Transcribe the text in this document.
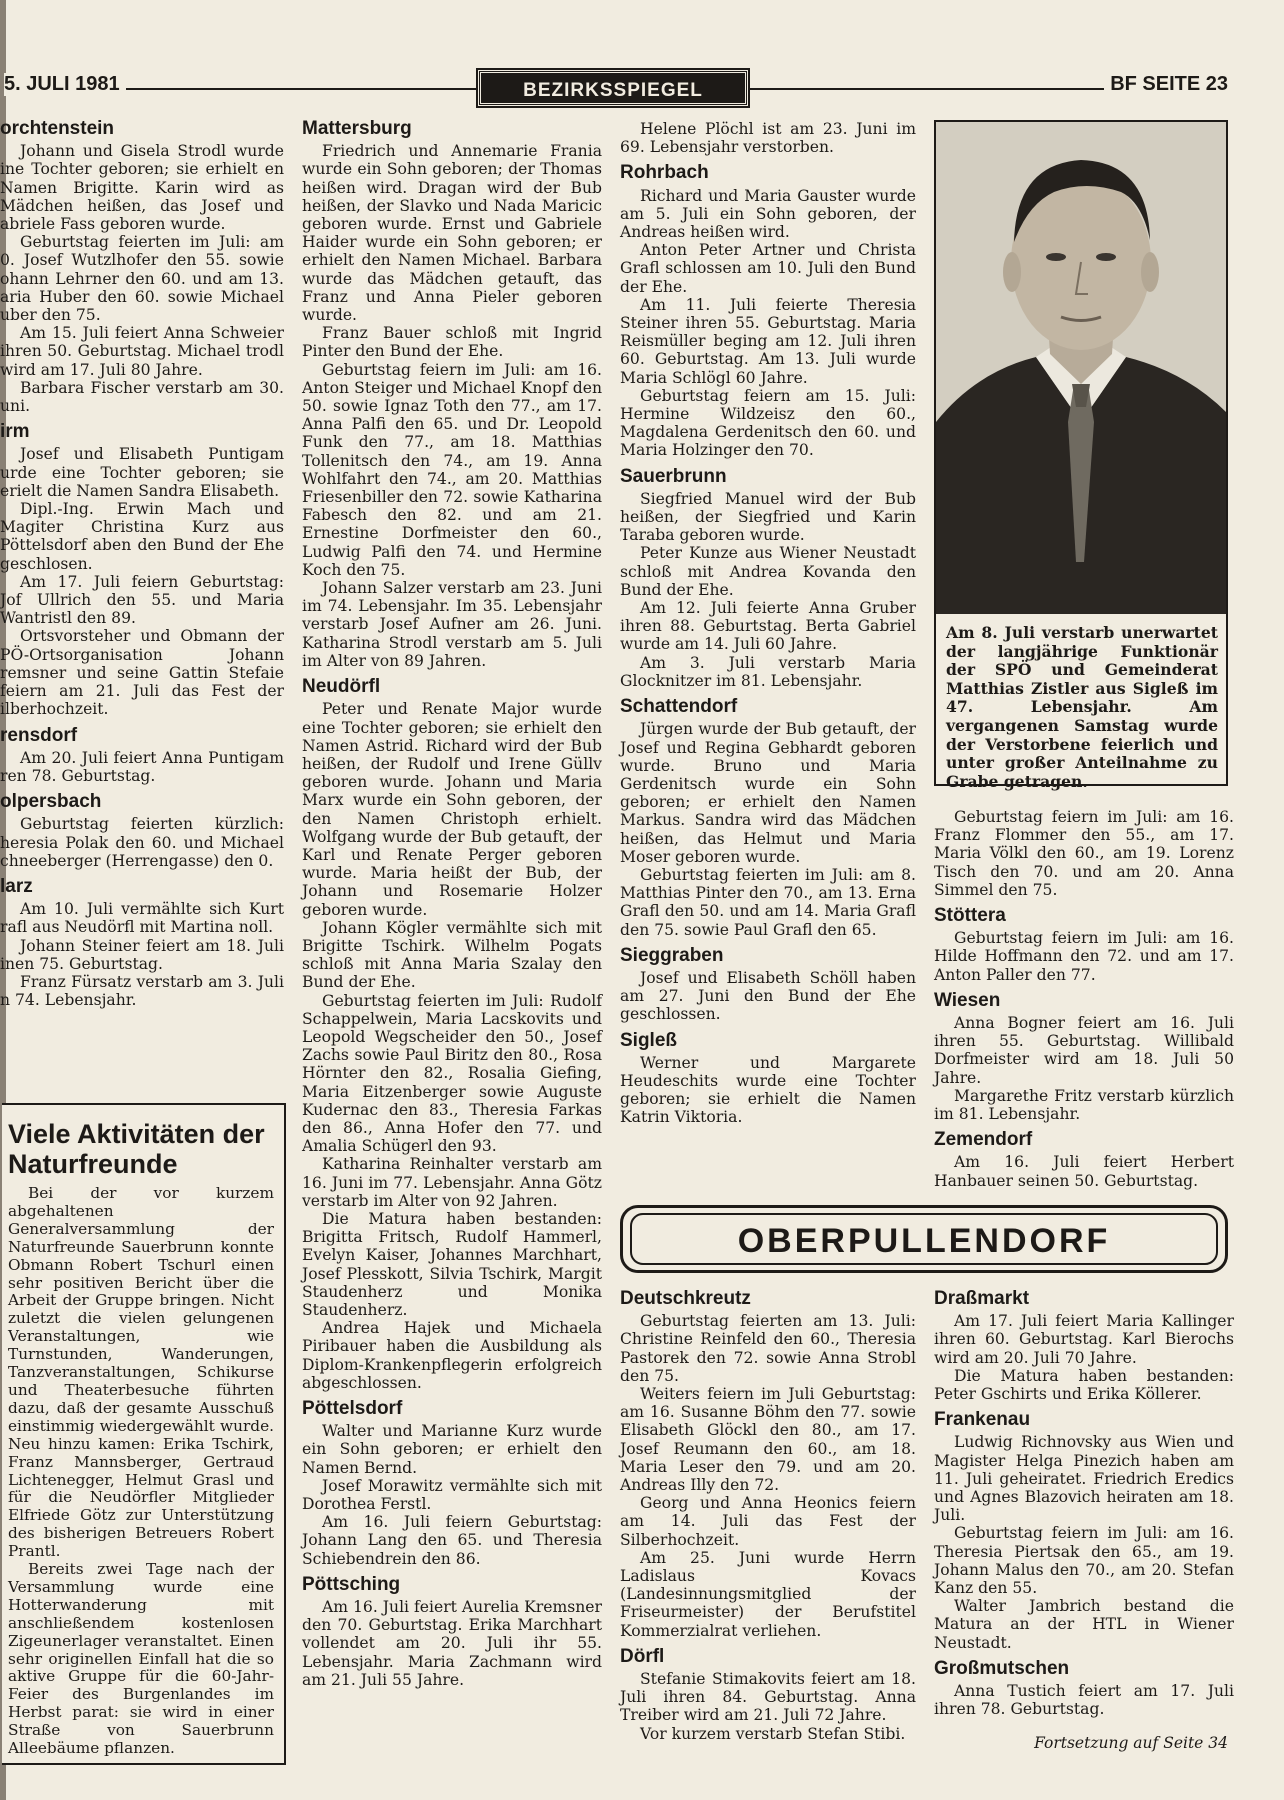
5. JULI 1981	BEZIRKSSPIEGEL	BF SEITE 23
orchtenstein

Johann und Gisela Strodl wurde ine Tochter geboren; sie erhielt en Namen Brigitte. Karin wird as Mädchen heißen, das Josef und abriele Fass geboren wurde.

Geburtstag feierten im Juli: am 0. Josef Wutzlhofer den 55. sowie ohann Lehrner den 60. und am 13. aria Huber den 60. sowie Michael uber den 75.

Am 15. Juli feiert Anna Schweier ihren 50. Geburtstag. Michael trodl wird am 17. Juli 80 Jahre.

Barbara Fischer verstarb am 30. uni.

irm

Josef und Elisabeth Puntigam urde eine Tochter geboren; sie erielt die Namen Sandra Elisabeth.

Dipl.-Ing. Erwin Mach und Magiter Christina Kurz aus Pöttelsdorf aben den Bund der Ehe geschlosen.

Am 17. Juli feiern Geburtstag: Jof Ullrich den 55. und Maria Wantristl den 89.

Ortsvorsteher und Obmann der PÖ-Ortsorganisation Johann remsner und seine Gattin Stefaie feiern am 21. Juli das Fest der ilberhochzeit.

rensdorf

Am 20. Juli feiert Anna Puntigam ren 78. Geburtstag.

olpersbach

Geburtstag feierten kürzlich: heresia Polak den 60. und Michael chneeberger (Herrengasse) den 0.

larz

Am 10. Juli vermählte sich Kurt rafl aus Neudörfl mit Martina noll.

Johann Steiner feiert am 18. Juli inen 75. Geburtstag.

Franz Fürsatz verstarb am 3. Juli n 74. Lebensjahr.

Viele Aktivitäten der Naturfreunde

Bei der vor kurzem abgehaltenen Generalversammlung der Naturfreunde Sauerbrunn konnte Obmann Robert Tschurl einen sehr positiven Bericht über die Arbeit der Gruppe bringen. Nicht zuletzt die vielen gelungenen Veranstaltungen, wie Turnstunden, Wanderungen, Tanzveranstaltungen, Schikurse und Theaterbesuche führten dazu, daß der gesamte Ausschuß einstimmig wiedergewählt wurde. Neu hinzu kamen: Erika Tschirk, Franz Mannsberger, Gertraud Lichtenegger, Helmut Grasl und für die Neudörfler Mitglieder Elfriede Götz zur Unterstützung des bisherigen Betreuers Robert Prantl.

Bereits zwei Tage nach der Versammlung wurde eine Hotterwanderung mit anschließendem kostenlosen Zigeunerlager veranstaltet. Einen sehr originellen Einfall hat die so aktive Gruppe für die 60-Jahr-Feier des Burgenlandes im Herbst parat: sie wird in einer Straße von Sauerbrunn Alleebäume pflanzen.

Mattersburg

Friedrich und Annemarie Frania wurde ein Sohn geboren; der Thomas heißen wird. Dragan wird der Bub heißen, der Slavko und Nada Maricic geboren wurde. Ernst und Gabriele Haider wurde ein Sohn geboren; er erhielt den Namen Michael. Barbara wurde das Mädchen getauft, das Franz und Anna Pieler geboren wurde.

Franz Bauer schloß mit Ingrid Pinter den Bund der Ehe.

Geburtstag feiern im Juli: am 16. Anton Steiger und Michael Knopf den 50. sowie Ignaz Toth den 77., am 17. Anna Palfi den 65. und Dr. Leopold Funk den 77., am 18. Matthias Tollenitsch den 74., am 19. Anna Wohlfahrt den 74., am 20. Matthias Friesenbiller den 72. sowie Katharina Fabesch den 82. und am 21. Ernestine Dorfmeister den 60., Ludwig Palfi den 74. und Hermine Koch den 75.

Johann Salzer verstarb am 23. Juni im 74. Lebensjahr. Im 35. Lebensjahr verstarb Josef Aufner am 26. Juni. Katharina Strodl verstarb am 5. Juli im Alter von 89 Jahren.

Neudörfl

Peter und Renate Major wurde eine Tochter geboren; sie erhielt den Namen Astrid. Richard wird der Bub heißen, der Rudolf und Irene Güllv geboren wurde. Johann und Maria Marx wurde ein Sohn geboren, der den Namen Christoph erhielt. Wolfgang wurde der Bub getauft, der Karl und Renate Perger geboren wurde. Maria heißt der Bub, der Johann und Rosemarie Holzer geboren wurde.

Johann Kögler vermählte sich mit Brigitte Tschirk. Wilhelm Pogats schloß mit Anna Maria Szalay den Bund der Ehe.

Geburtstag feierten im Juli: Rudolf Schappelwein, Maria Lacskovits und Leopold Wegscheider den 50., Josef Zachs sowie Paul Biritz den 80., Rosa Hörnter den 82., Rosalia Giefing, Maria Eitzenberger sowie Auguste Kudernac den 83., Theresia Farkas den 86., Anna Hofer den 77. und Amalia Schügerl den 93.

Katharina Reinhalter verstarb am 16. Juni im 77. Lebensjahr. Anna Götz verstarb im Alter von 92 Jahren.

Die Matura haben bestanden: Brigitta Fritsch, Rudolf Hammerl, Evelyn Kaiser, Johannes Marchhart, Josef Plesskott, Silvia Tschirk, Margit Staudenherz und Monika Staudenherz.

Andrea Hajek und Michaela Piribauer haben die Ausbildung als Diplom-Krankenpflegerin erfolgreich abgeschlossen.

Pöttelsdorf

Walter und Marianne Kurz wurde ein Sohn geboren; er erhielt den Namen Bernd.

Josef Morawitz vermählte sich mit Dorothea Ferstl.

Am 16. Juli feiern Geburtstag: Johann Lang den 65. und Theresia Schiebendrein den 86.

Pöttsching

Am 16. Juli feiert Aurelia Kremsner den 70. Geburtstag. Erika Marchhart vollendet am 20. Juli ihr 55. Lebensjahr. Maria Zachmann wird am 21. Juli 55 Jahre.

Helene Plöchl ist am 23. Juni im 69. Lebensjahr verstorben.

Rohrbach

Richard und Maria Gauster wurde am 5. Juli ein Sohn geboren, der Andreas heißen wird.

Anton Peter Artner und Christa Grafl schlossen am 10. Juli den Bund der Ehe.

Am 11. Juli feierte Theresia Steiner ihren 55. Geburtstag. Maria Reismüller beging am 12. Juli ihren 60. Geburtstag. Am 13. Juli wurde Maria Schlögl 60 Jahre.

Geburtstag feiern am 15. Juli: Hermine Wildzeisz den 60., Magdalena Gerdenitsch den 60. und Maria Holzinger den 70.

Sauerbrunn

Siegfried Manuel wird der Bub heißen, der Siegfried und Karin Taraba geboren wurde.

Peter Kunze aus Wiener Neustadt schloß mit Andrea Kovanda den Bund der Ehe.

Am 12. Juli feierte Anna Gruber ihren 88. Geburtstag. Berta Gabriel wurde am 14. Juli 60 Jahre.

Am 3. Juli verstarb Maria Glocknitzer im 81. Lebensjahr.

Schattendorf

Jürgen wurde der Bub getauft, der Josef und Regina Gebhardt geboren wurde. Bruno und Maria Gerdenitsch wurde ein Sohn geboren; er erhielt den Namen Markus. Sandra wird das Mädchen heißen, das Helmut und Maria Moser geboren wurde.

Geburtstag feierten im Juli: am 8. Matthias Pinter den 70., am 13. Erna Grafl den 50. und am 14. Maria Grafl den 75. sowie Paul Grafl den 65.

Sieggraben

Josef und Elisabeth Schöll haben am 27. Juni den Bund der Ehe geschlossen.

Sigleß

Werner und Margarete Heudeschits wurde eine Tochter geboren; sie erhielt die Namen Katrin Viktoria.

Am 8. Juli verstarb unerwartet der langjährige Funktionär der SPÖ und Gemeinderat Matthias Zistler aus Sigleß im 47. Lebensjahr. Am vergangenen Samstag wurde der Verstorbene feierlich und unter großer Anteilnahme zu Grabe getragen.

Geburtstag feiern im Juli: am 16. Franz Flommer den 55., am 17. Maria Völkl den 60., am 19. Lorenz Tisch den 70. und am 20. Anna Simmel den 75.

Stöttera

Geburtstag feiern im Juli: am 16. Hilde Hoffmann den 72. und am 17. Anton Paller den 77.

Wiesen

Anna Bogner feiert am 16. Juli ihren 55. Geburtstag. Willibald Dorfmeister wird am 18. Juli 50 Jahre.

Margarethe Fritz verstarb kürzlich im 81. Lebensjahr.

Zemendorf

Am 16. Juli feiert Herbert Hanbauer seinen 50. Geburtstag.

OBERPULLENDORF
Deutschkreutz

Geburtstag feierten am 13. Juli: Christine Reinfeld den 60., Theresia Pastorek den 72. sowie Anna Strobl den 75.

Weiters feiern im Juli Geburtstag: am 16. Susanne Böhm den 77. sowie Elisabeth Glöckl den 80., am 17. Josef Reumann den 60., am 18. Maria Leser den 79. und am 20. Andreas Illy den 72.

Georg und Anna Heonics feiern am 14. Juli das Fest der Silberhochzeit.

Am 25. Juni wurde Herrn Ladislaus Kovacs (Landesinnungsmitglied der Friseurmeister) der Berufstitel Kommerzialrat verliehen.

Dörfl

Stefanie Stimakovits feiert am 18. Juli ihren 84. Geburtstag. Anna Treiber wird am 21. Juli 72 Jahre.

Vor kurzem verstarb Stefan Stibi.

Draßmarkt

Am 17. Juli feiert Maria Kallinger ihren 60. Geburtstag. Karl Bierochs wird am 20. Juli 70 Jahre.

Die Matura haben bestanden: Peter Gschirts und Erika Köllerer.

Frankenau

Ludwig Richnovsky aus Wien und Magister Helga Pinezich haben am 11. Juli geheiratet. Friedrich Eredics und Agnes Blazovich heiraten am 18. Juli.

Geburtstag feiern im Juli: am 16. Theresia Piertsak den 65., am 19. Johann Malus den 70., am 20. Stefan Kanz den 55.

Walter Jambrich bestand die Matura an der HTL in Wiener Neustadt.

Großmutschen

Anna Tustich feiert am 17. Juli ihren 78. Geburtstag.

Fortsetzung auf Seite 34
